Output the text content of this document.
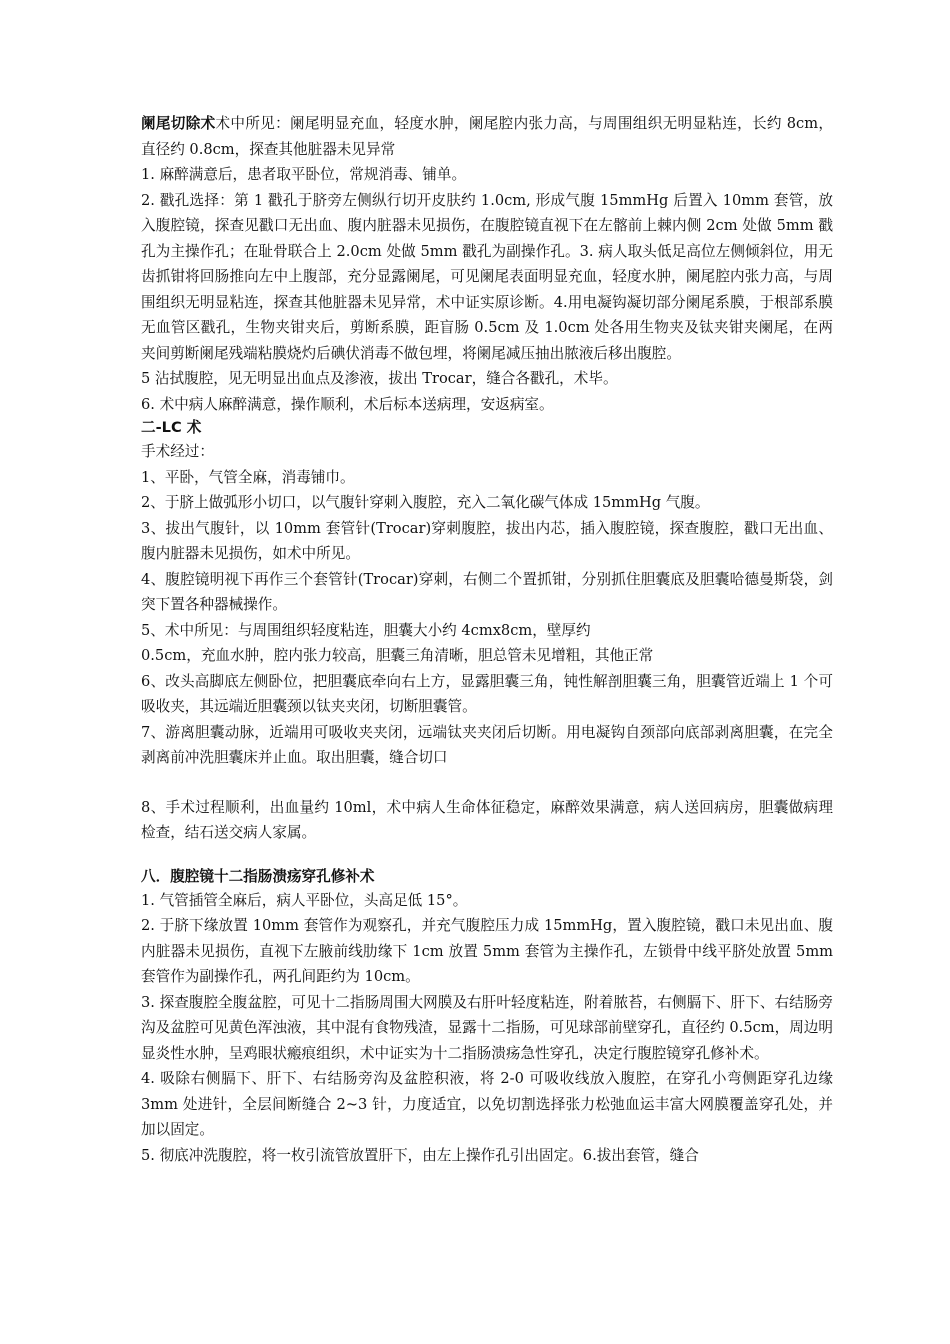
阑尾切除术术中所见：阑尾明显充血，轻度水肿，阑尾腔内张力高，与周围组织无明显粘连，长约 8cm，直径约 0.8cm，探查其他脏器未见异常

1. 麻醉满意后，患者取平卧位，常规消毒、铺单。

2. 戳孔选择：第 1 戳孔于脐旁左侧纵行切开皮肤约 1.0cm, 形成气腹 15mmHg 后置入 10mm 套管，放入腹腔镜，探查见戳口无出血、腹内脏器未见损伤，在腹腔镜直视下在左髂前上棘内侧 2cm 处做 5mm 戳孔为主操作孔；在耻骨联合上 2.0cm 处做 5mm 戳孔为副操作孔。3. 病人取头低足高位左侧倾斜位，用无齿抓钳将回肠推向左中上腹部，充分显露阑尾，可见阑尾表面明显充血，轻度水肿，阑尾腔内张力高，与周围组织无明显粘连，探查其他脏器未见异常，术中证实原诊断。4.用电凝钩凝切部分阑尾系膜，于根部系膜无血管区戳孔，生物夹钳夹后，剪断系膜，距盲肠 0.5cm 及 1.0cm 处各用生物夹及钛夹钳夹阑尾，在两夹间剪断阑尾残端粘膜烧灼后碘伏消毒不做包埋，将阑尾减压抽出脓液后移出腹腔。

5 沾拭腹腔，见无明显出血点及渗液，拔出 Trocar，缝合各戳孔，术毕。

6. 术中病人麻醉满意，操作顺利，术后标本送病理，安返病室。

二-LC 术

手术经过：

1、平卧，气管全麻，消毒铺巾。

2、于脐上做弧形小切口，以气腹针穿刺入腹腔，充入二氧化碳气体成 15mmHg 气腹。

3、拔出气腹针，以 10mm 套管针(Trocar)穿刺腹腔，拔出内芯，插入腹腔镜，探查腹腔，戳口无出血、腹内脏器未见损伤，如术中所见。

4、腹腔镜明视下再作三个套管针(Trocar)穿刺，右侧二个置抓钳，分别抓住胆囊底及胆囊哈德曼斯袋，剑突下置各种器械操作。

5、术中所见：与周围组织轻度粘连，胆囊大小约 4cmx8cm，壁厚约

0.5cm，充血水肿，腔内张力较高，胆囊三角清晰，胆总管未见增粗，其他正常

6、改头高脚底左侧卧位，把胆囊底牵向右上方，显露胆囊三角，钝性解剖胆囊三角，胆囊管近端上 1 个可吸收夹，其远端近胆囊颈以钛夹夹闭，切断胆囊管。

7、游离胆囊动脉，近端用可吸收夹夹闭，远端钛夹夹闭后切断。用电凝钩自颈部向底部剥离胆囊，在完全剥离前冲洗胆囊床并止血。取出胆囊，缝合切口

8、手术过程顺利，出血量约 10ml，术中病人生命体征稳定，麻醉效果满意，病人送回病房，胆囊做病理检查，结石送交病人家属。

八．腹腔镜十二指肠溃疡穿孔修补术

1. 气管插管全麻后，病人平卧位，头高足低 15°。

2. 于脐下缘放置 10mm 套管作为观察孔，并充气腹腔压力成 15mmHg，置入腹腔镜，戳口未见出血、腹内脏器未见损伤，直视下左腋前线肋缘下 1cm 放置 5mm 套管为主操作孔，左锁骨中线平脐处放置 5mm 套管作为副操作孔，两孔间距约为 10cm。

3. 探查腹腔全腹盆腔，可见十二指肠周围大网膜及右肝叶轻度粘连，附着脓苔，右侧膈下、肝下、右结肠旁沟及盆腔可见黄色浑浊液，其中混有食物残渣，显露十二指肠，可见球部前壁穿孔，直径约 0.5cm，周边明显炎性水肿，呈鸡眼状瘢痕组织，术中证实为十二指肠溃疡急性穿孔，决定行腹腔镜穿孔修补术。

4. 吸除右侧膈下、肝下、右结肠旁沟及盆腔积液，将 2-0 可吸收线放入腹腔，在穿孔小弯侧距穿孔边缘 3mm 处进针，全层间断缝合 2~3 针，力度适宜，以免切割选择张力松弛血运丰富大网膜覆盖穿孔处，并加以固定。

5. 彻底冲洗腹腔，将一枚引流管放置肝下，由左上操作孔引出固定。6.拔出套管，缝合
